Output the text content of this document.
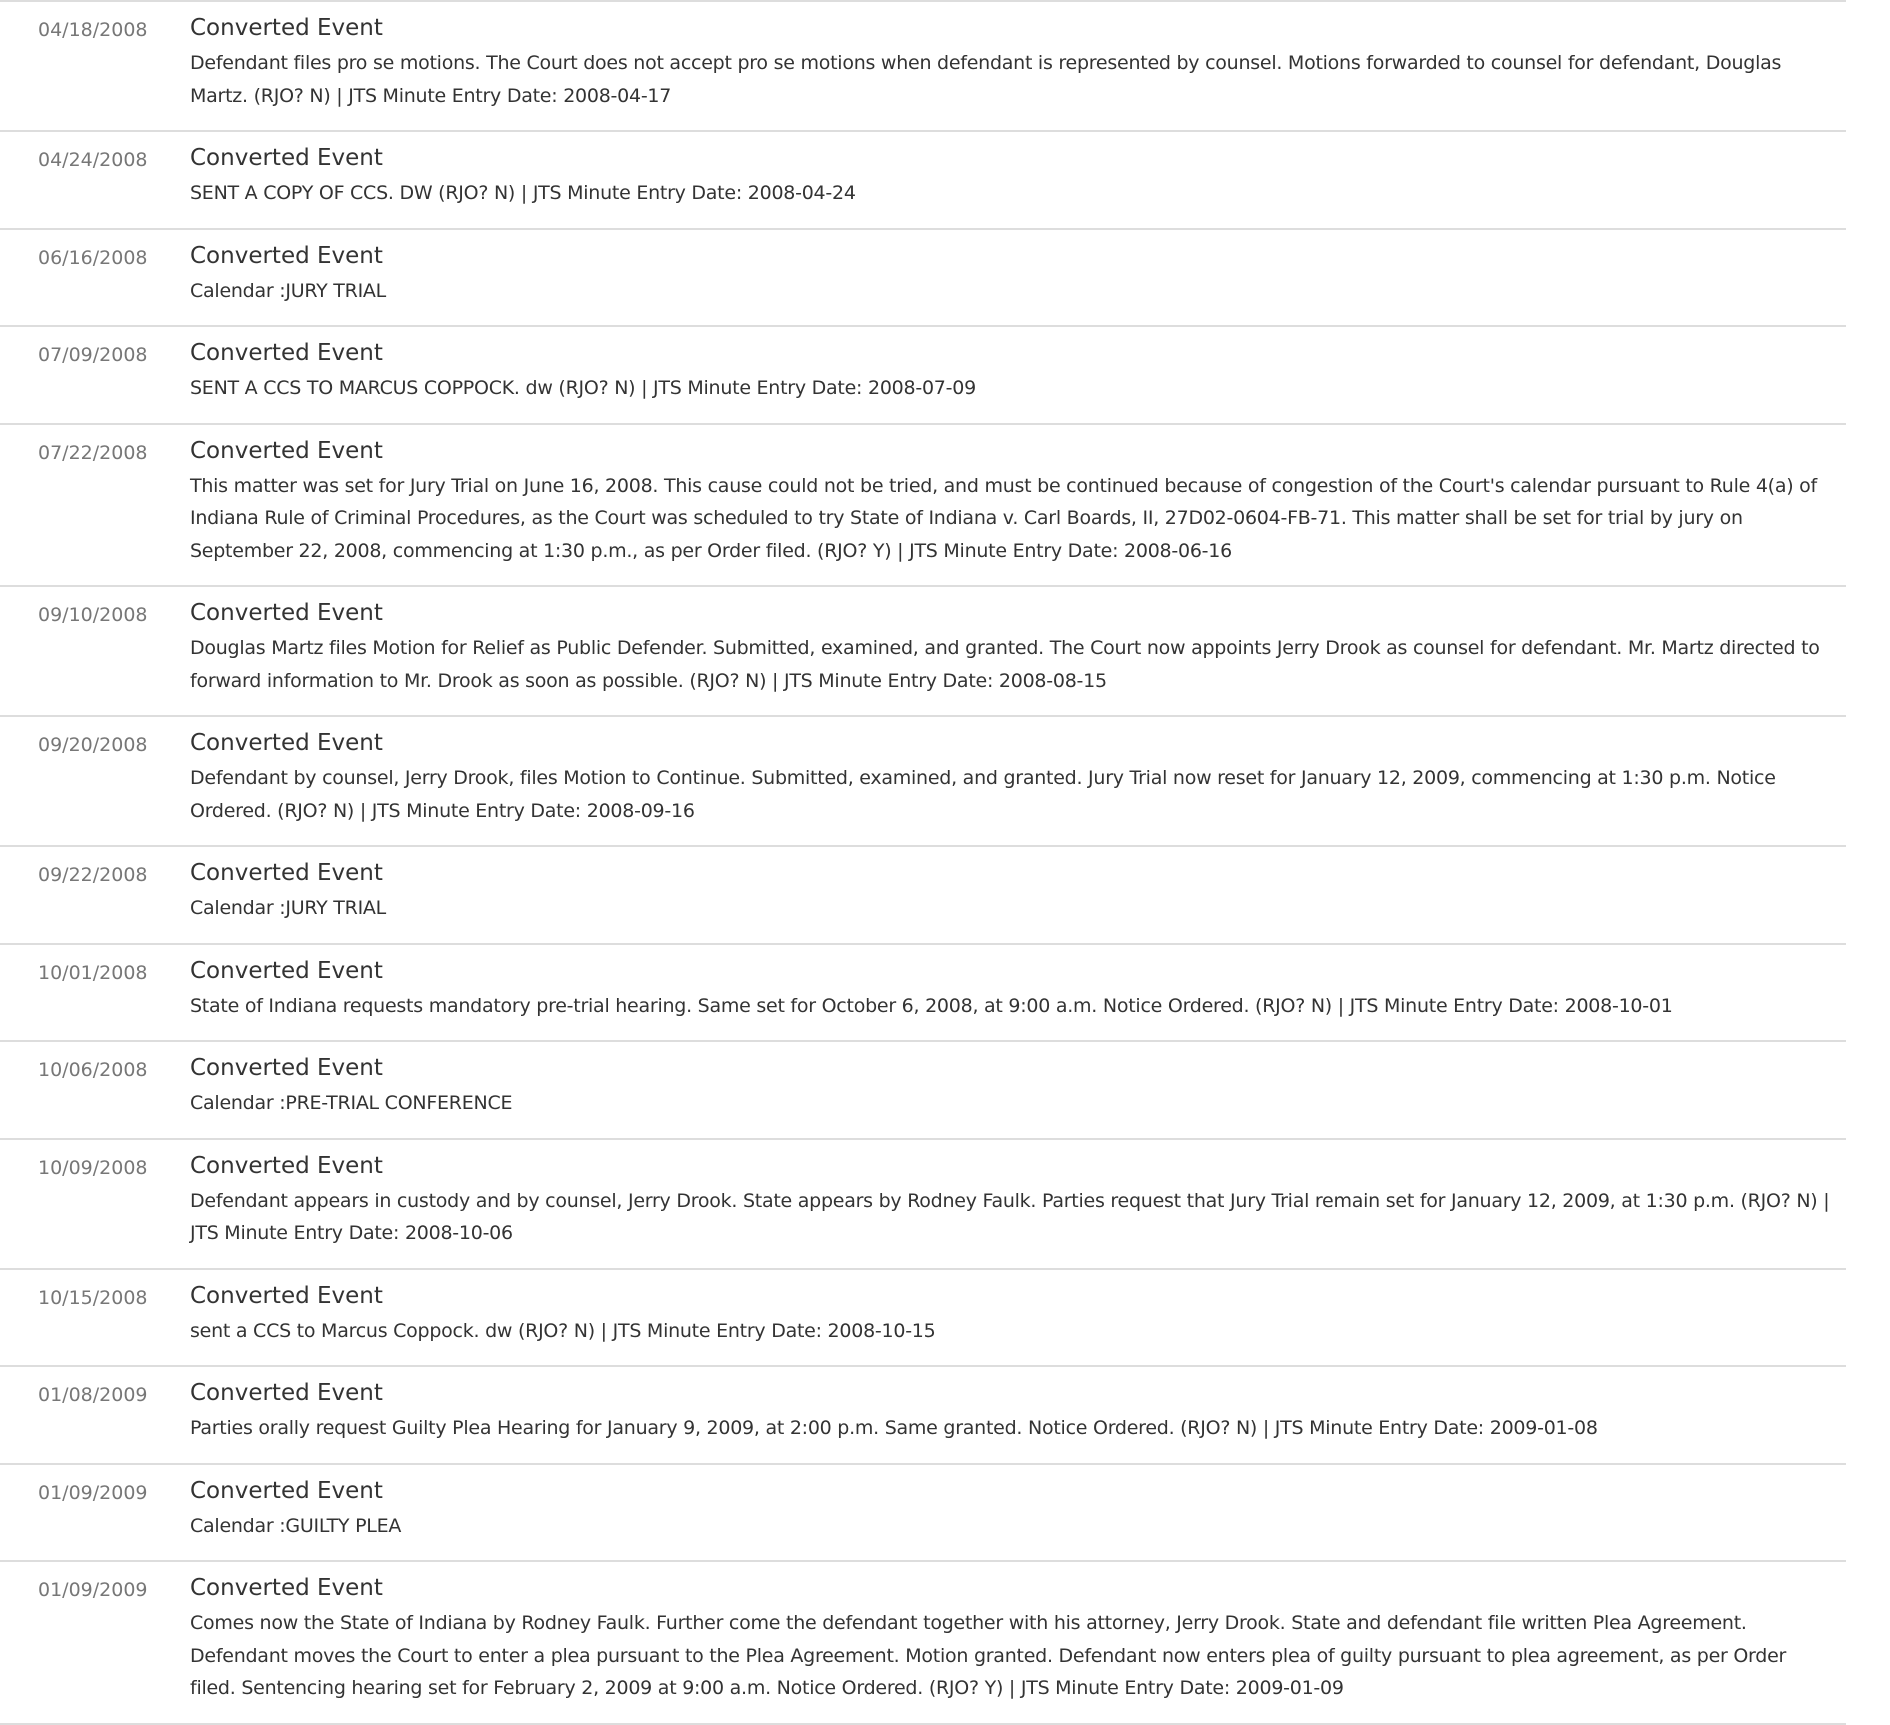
04/18/2008	Converted Event
Defendant files pro se motions. The Court does not accept pro se motions when defendant is represented by counsel. Motions forwarded to counsel for defendant, Douglas Martz. (RJO? N) | JTS Minute Entry Date: 2008-04-17
04/24/2008	Converted Event
SENT A COPY OF CCS. DW (RJO? N) | JTS Minute Entry Date: 2008-04-24
06/16/2008	Converted Event
Calendar :JURY TRIAL
07/09/2008	Converted Event
SENT A CCS TO MARCUS COPPOCK. dw (RJO? N) | JTS Minute Entry Date: 2008-07-09
07/22/2008	Converted Event
This matter was set for Jury Trial on June 16, 2008. This cause could not be tried, and must be continued because of congestion of the Court's calendar pursuant to Rule 4(a) of Indiana Rule of Criminal Procedures, as the Court was scheduled to try State of Indiana v. Carl Boards, II, 27D02-0604-FB-71. This matter shall be set for trial by jury on September 22, 2008, commencing at 1:30 p.m., as per Order filed. (RJO? Y) | JTS Minute Entry Date: 2008-06-16
09/10/2008	Converted Event
Douglas Martz files Motion for Relief as Public Defender. Submitted, examined, and granted. The Court now appoints Jerry Drook as counsel for defendant. Mr. Martz directed to forward information to Mr. Drook as soon as possible. (RJO? N) | JTS Minute Entry Date: 2008-08-15
09/20/2008	Converted Event
Defendant by counsel, Jerry Drook, files Motion to Continue. Submitted, examined, and granted. Jury Trial now reset for January 12, 2009, commencing at 1:30 p.m. Notice Ordered. (RJO? N) | JTS Minute Entry Date: 2008-09-16
09/22/2008	Converted Event
Calendar :JURY TRIAL
10/01/2008	Converted Event
State of Indiana requests mandatory pre-trial hearing. Same set for October 6, 2008, at 9:00 a.m. Notice Ordered. (RJO? N) | JTS Minute Entry Date: 2008-10-01
10/06/2008	Converted Event
Calendar :PRE-TRIAL CONFERENCE
10/09/2008	Converted Event
Defendant appears in custody and by counsel, Jerry Drook. State appears by Rodney Faulk. Parties request that Jury Trial remain set for January 12, 2009, at 1:30 p.m. (RJO? N) | JTS Minute Entry Date: 2008-10-06
10/15/2008	Converted Event
sent a CCS to Marcus Coppock. dw (RJO? N) | JTS Minute Entry Date: 2008-10-15
01/08/2009	Converted Event
Parties orally request Guilty Plea Hearing for January 9, 2009, at 2:00 p.m. Same granted. Notice Ordered. (RJO? N) | JTS Minute Entry Date: 2009-01-08
01/09/2009	Converted Event
Calendar :GUILTY PLEA
01/09/2009	Converted Event
Comes now the State of Indiana by Rodney Faulk. Further come the defendant together with his attorney, Jerry Drook. State and defendant file written Plea Agreement. Defendant moves the Court to enter a plea pursuant to the Plea Agreement. Motion granted. Defendant now enters plea of guilty pursuant to plea agreement, as per Order filed. Sentencing hearing set for February 2, 2009 at 9:00 a.m. Notice Ordered. (RJO? Y) | JTS Minute Entry Date: 2009-01-09
